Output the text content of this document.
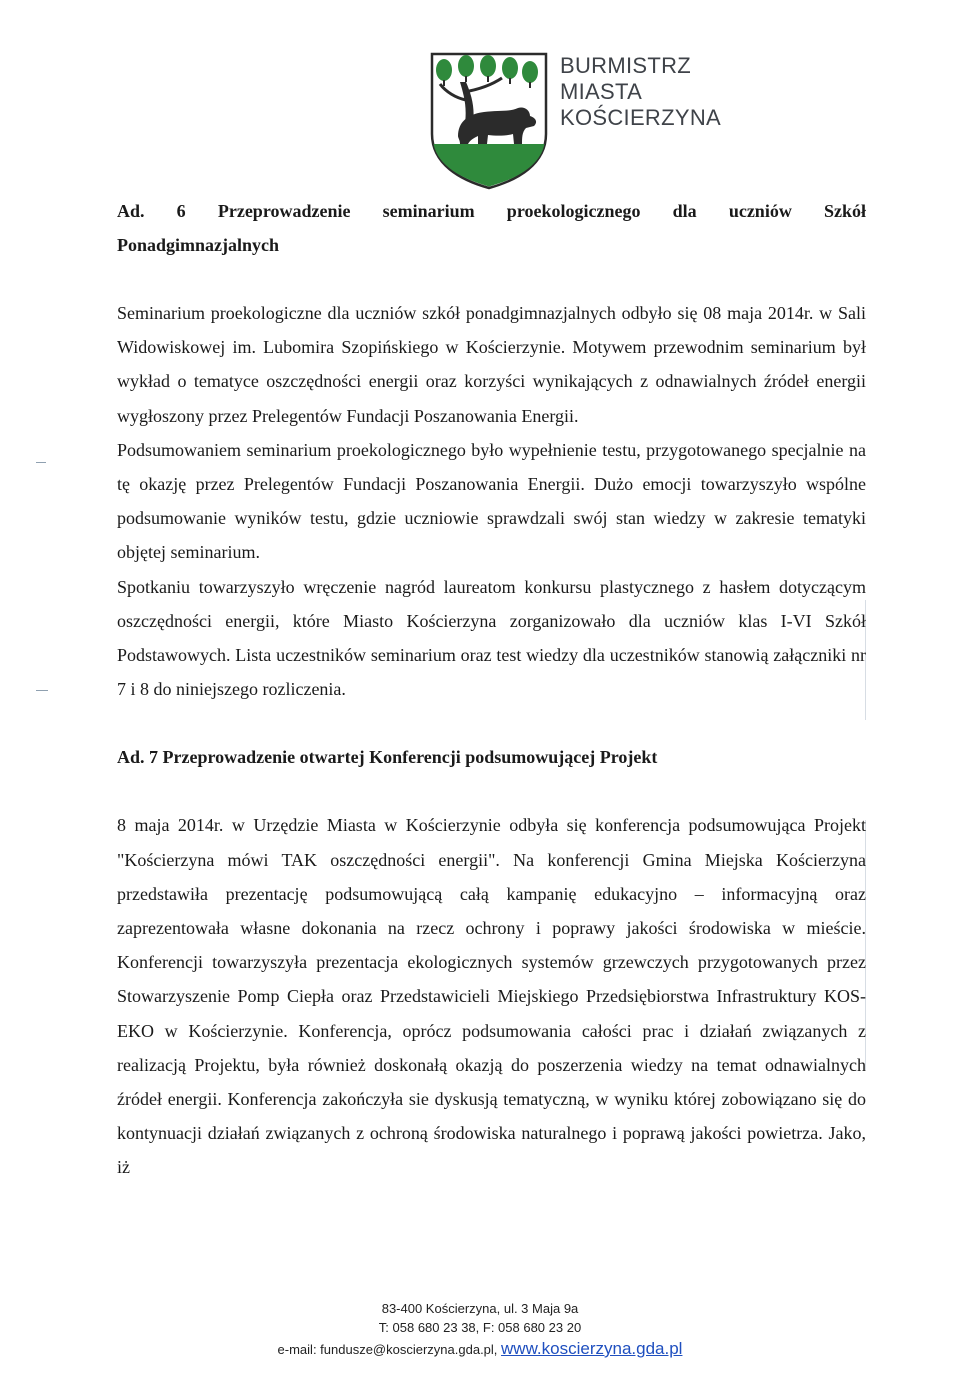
BURMISTRZ
MIASTA
KOŚCIERZYNA

Ad. 6 Przeprowadzenie seminarium proekologicznego dla uczniów Szkół

Ponadgimnazjalnych

Seminarium proekologiczne dla uczniów szkół ponadgimnazjalnych odbyło się 08 maja 2014r. w Sali Widowiskowej im. Lubomira Szopińskiego w Kościerzynie. Motywem przewodnim seminarium był wykład o tematyce oszczędności energii oraz korzyści wynikających z odnawialnych źródeł energii wygłoszony przez Prelegentów Fundacji Poszanowania Energii.

Podsumowaniem seminarium proekologicznego było wypełnienie testu, przygotowanego specjalnie na tę okazję przez Prelegentów Fundacji Poszanowania Energii. Dużo emocji towarzyszyło wspólne podsumowanie wyników testu, gdzie uczniowie sprawdzali swój stan wiedzy w zakresie tematyki objętej seminarium.

Spotkaniu towarzyszyło wręczenie nagród laureatom konkursu plastycznego z hasłem dotyczącym oszczędności energii, które Miasto Kościerzyna zorganizowało dla uczniów klas I-VI Szkół Podstawowych. Lista uczestników seminarium oraz test wiedzy dla uczestników stanowią załączniki nr 7 i 8 do niniejszego rozliczenia.

Ad. 7 Przeprowadzenie otwartej Konferencji podsumowującej Projekt

8 maja 2014r. w Urzędzie Miasta w Kościerzynie odbyła się konferencja podsumowująca Projekt "Kościerzyna mówi TAK oszczędności energii". Na konferencji Gmina Miejska Kościerzyna przedstawiła prezentację podsumowującą całą kampanię edukacyjno – informacyjną oraz zaprezentowała własne dokonania na rzecz ochrony i poprawy jakości środowiska w mieście. Konferencji towarzyszyła prezentacja ekologicznych systemów grzewczych przygotowanych przez Stowarzyszenie Pomp Ciepła oraz Przedstawicieli Miejskiego Przedsiębiorstwa Infrastruktury KOS-EKO w Kościerzynie. Konferencja, oprócz podsumowania całości prac i działań związanych z realizacją Projektu, była również doskonałą okazją do poszerzenia wiedzy na temat odnawialnych źródeł energii. Konferencja zakończyła sie dyskusją tematyczną, w wyniku której zobowiązano się do kontynuacji działań związanych z ochroną środowiska naturalnego i poprawą jakości powietrza. Jako, iż

83-400 Kościerzyna, ul. 3 Maja 9a
T: 058 680 23 38, F: 058 680 23 20
e-mail: fundusze@koscierzyna.gda.pl, www.koscierzyna.gda.pl
